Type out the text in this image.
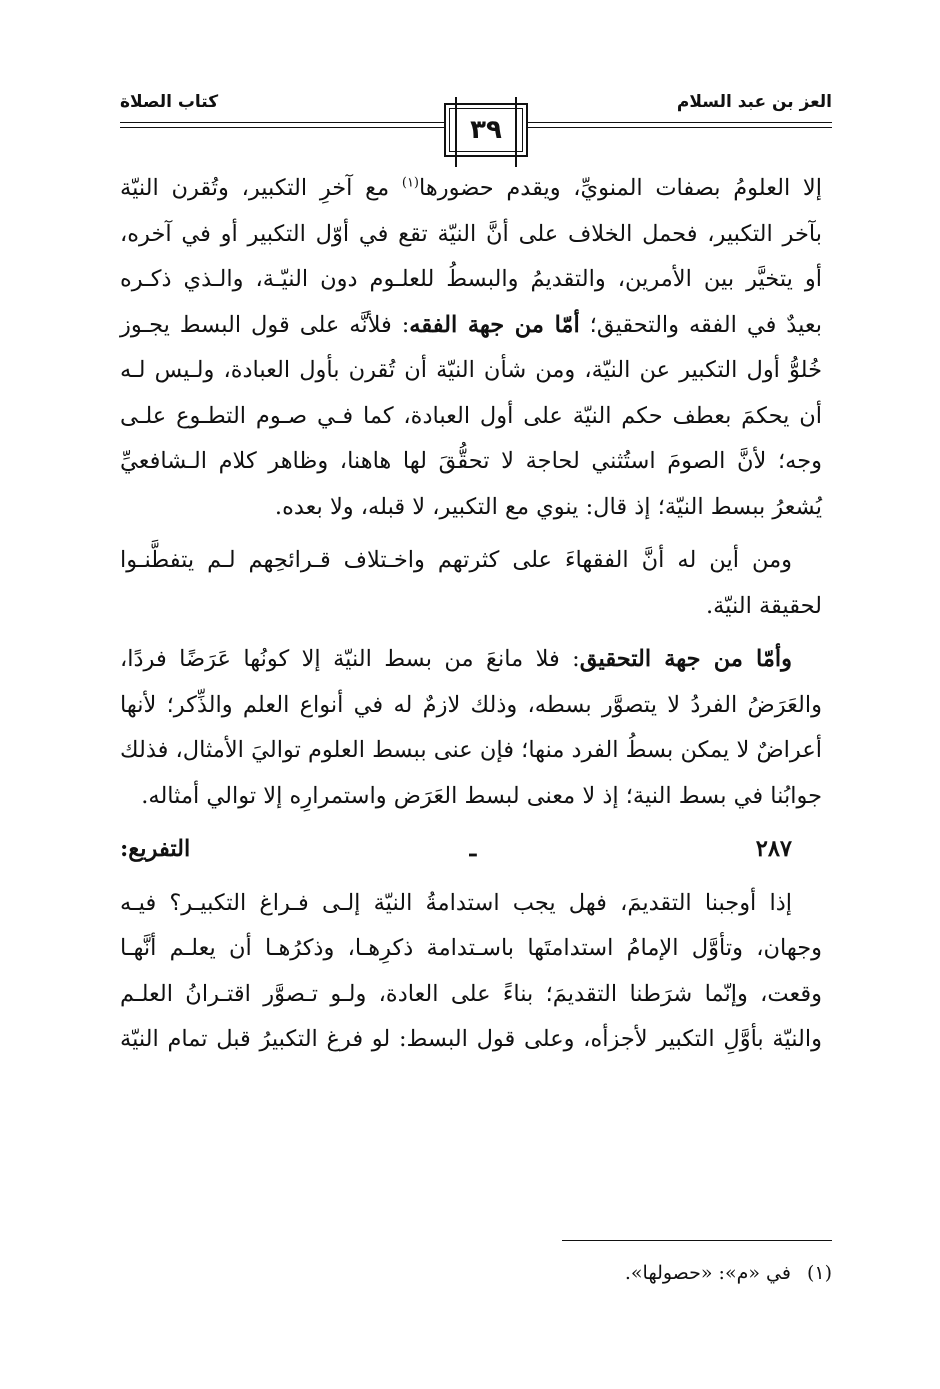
العز بن عبد السلام
كتاب الصلاة
٣٩
إلا العلومُ بصفات المنويِّ، ويقدم حضورها$^{(١)}$ مع آخرِ التكبير، وتُقرن النيّة
بآخر التكبير، فحمل الخلاف على أنَّ النيّة تقع في أوّل التكبير أو في آخره،
أو يتخيَّر بين الأمرين، والتقديمُ والبسطُ للعلـوم دون النيّـة، والـذي ذكـره
بعيدٌ في الفقه والتحقيق؛ أمّا من جهة الفقه: فلأنَّه على قول البسط يجـوز
خُلوُّ أول التكبير عن النيّة، ومن شأن النيّة أن تُقرن بأول العبادة، ولـيس لـه
أن يحكمَ بعطف حكم النيّة على أول العبادة، كما فـي صـوم التطـوع علـى
وجه؛ لأنَّ الصومَ استُثني لحاجة لا تحقُّقَ لها هاهنا، وظاهر كلام الـشافعيِّ
يُشعرُ ببسط النيّة؛ إذ قال: ينوي مع التكبير، لا قبله، ولا بعده.
ومن أين له أنَّ الفقهاءَ على كثرتهم واخـتلاف قـرائحِهم لـم يتفطَّنـوا
لحقيقة النيّة.
وأمّا من جهة التحقيق: فلا مانعَ من بسط النيّة إلا كونُها عَرَضًا فردًا،
والعَرَضُ الفردُ لا يتصوَّر بسطه، وذلك لازمٌ له في أنواع العلم والذِّكر؛ لأنها
أعراضٌ لا يمكن بسطُ الفرد منها؛ فإن عنى ببسط العلوم تواليَ الأمثال، فذلك
جوابُنا في بسط النية؛ إذ لا معنى لبسط العَرَض واستمرارِه إلا توالي أمثاله.
٢٨٧ ـ التفريع:
إذا أوجبنا التقديمَ، فهل يجب استدامةُ النيّة إلـى فـراغ التكبيـر؟ فيـه
وجهان، وتأوَّل الإمامُ استدامتَها باسـتدامة ذكرِهـا، وذكرُهـا أن يعلـم أنَّهـا
وقعت، وإنّما شرَطنا التقديمَ؛ بناءً على العادة، ولـو تـصوَّر اقتـرانُ العلـم
والنيّة بأوَّلِ التكبير لأجزأه، وعلى قول البسط: لو فرغ التكبيرُ قبل تمام النيّة
(١)في «م»: «حصولها».
